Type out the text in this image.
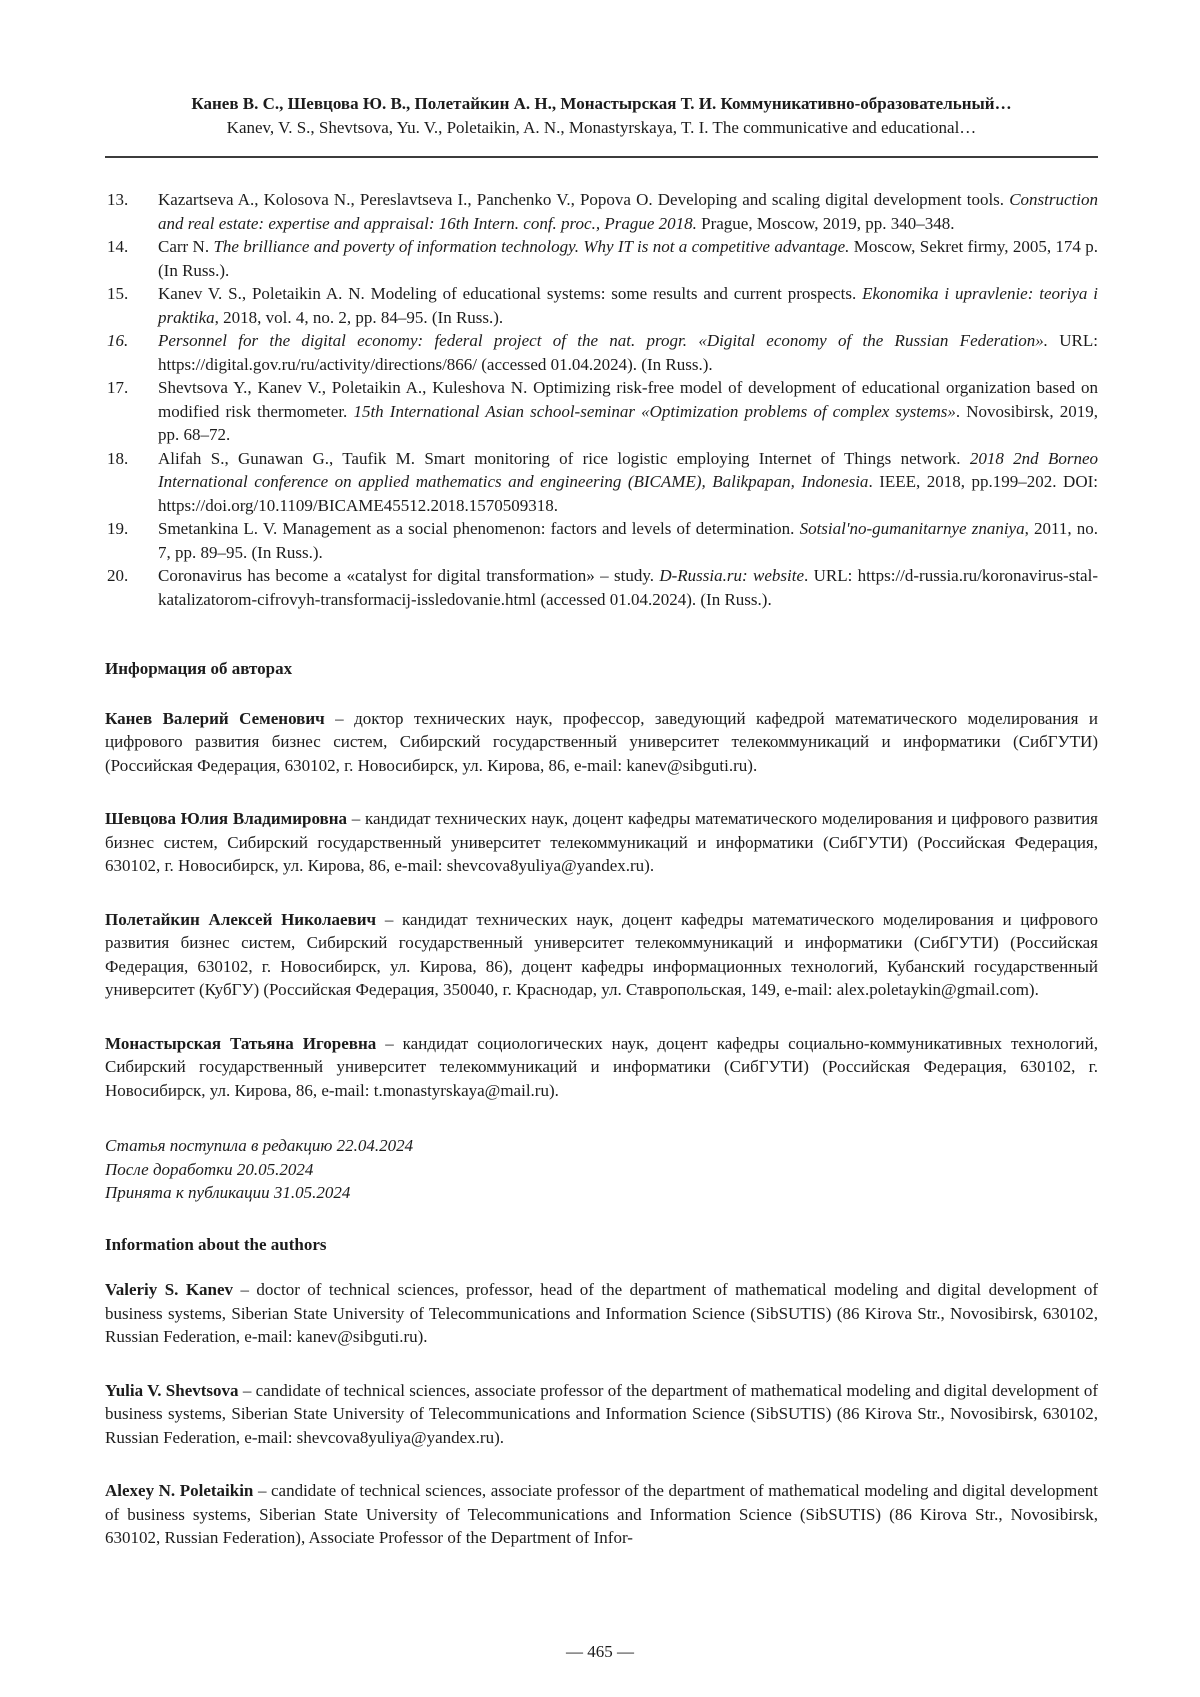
Канев В. С., Шевцова Ю. В., Полетайкин А. Н., Монастырская Т. И. Коммуникативно-образовательный…
Kanev, V. S., Shevtsova, Yu. V., Poletaikin, A. N., Monastyrskaya, T. I. The communicative and educational…
13. Kazartseva A., Kolosova N., Pereslavtseva I., Panchenko V., Popova O. Developing and scaling digital development tools. Construction and real estate: expertise and appraisal: 16th Intern. conf. proc., Prague 2018. Prague, Moscow, 2019, pp. 340–348.
14. Carr N. The brilliance and poverty of information technology. Why IT is not a competitive advantage. Moscow, Sekret firmy, 2005, 174 p. (In Russ.).
15. Kanev V. S., Poletaikin A. N. Modeling of educational systems: some results and current prospects. Ekonomika i upravlenie: teoriya i praktika, 2018, vol. 4, no. 2, pp. 84–95. (In Russ.).
16. Personnel for the digital economy: federal project of the nat. progr. «Digital economy of the Russian Federation». URL: https://digital.gov.ru/ru/activity/directions/866/ (accessed 01.04.2024). (In Russ.).
17. Shevtsova Y., Kanev V., Poletaikin A., Kuleshova N. Optimizing risk-free model of development of educational organization based on modified risk thermometer. 15th International Asian school-seminar «Optimization problems of complex systems». Novosibirsk, 2019, pp. 68–72.
18. Alifah S., Gunawan G., Taufik M. Smart monitoring of rice logistic employing Internet of Things network. 2018 2nd Borneo International conference on applied mathematics and engineering (BICAME), Balikpapan, Indonesia. IEEE, 2018, pp.199–202. DOI: https://doi.org/10.1109/BICAME45512.2018.1570509318.
19. Smetankina L. V. Management as a social phenomenon: factors and levels of determination. Sotsial'no-gumanitarnye znaniya, 2011, no. 7, pp. 89–95. (In Russ.).
20. Coronavirus has become a «catalyst for digital transformation» – study. D-Russia.ru: website. URL: https://d-russia.ru/koronavirus-stal-katalizatorom-cifrovyh-transformacij-issledovanie.html (accessed 01.04.2024). (In Russ.).
Информация об авторах

Канев Валерий Семенович – доктор технических наук, профессор, заведующий кафедрой математического моделирования и цифрового развития бизнес систем, Сибирский государственный университет телекоммуникаций и информатики (СибГУТИ) (Российская Федерация, 630102, г. Новосибирск, ул. Кирова, 86, e-mail: kanev@sibguti.ru).

Шевцова Юлия Владимировна – кандидат технических наук, доцент кафедры математического моделирования и цифрового развития бизнес систем, Сибирский государственный университет телекоммуникаций и информатики (СибГУТИ) (Российская Федерация, 630102, г. Новосибирск, ул. Кирова, 86, e-mail: shevcova8yuliya@yandex.ru).

Полетайкин Алексей Николаевич – кандидат технических наук, доцент кафедры математического моделирования и цифрового развития бизнес систем, Сибирский государственный университет телекоммуникаций и информатики (СибГУТИ) (Российская Федерация, 630102, г. Новосибирск, ул. Кирова, 86), доцент кафедры информационных технологий, Кубанский государственный университет (КубГУ) (Российская Федерация, 350040, г. Краснодар, ул. Ставропольская, 149, e-mail: alex.poletaykin@gmail.com).

Монастырская Татьяна Игоревна – кандидат социологических наук, доцент кафедры социально-коммуникативных технологий, Сибирский государственный университет телекоммуникаций и информатики (СибГУТИ) (Российская Федерация, 630102, г. Новосибирск, ул. Кирова, 86, e-mail: t.monastyrskaya@mail.ru).

Статья поступила в редакцию 22.04.2024
После доработки 20.05.2024
Принята к публикации 31.05.2024
Information about the authors

Valeriy S. Kanev – doctor of technical sciences, professor, head of the department of mathematical modeling and digital development of business systems, Siberian State University of Telecommunications and Information Science (SibSUTIS) (86 Kirova Str., Novosibirsk, 630102, Russian Federation, e-mail: kanev@sibguti.ru).

Yulia V. Shevtsova – candidate of technical sciences, associate professor of the department of mathematical modeling and digital development of business systems, Siberian State University of Telecommunications and Information Science (SibSUTIS) (86 Kirova Str., Novosibirsk, 630102, Russian Federation, e-mail: shevcova8yuliya@yandex.ru).

Alexey N. Poletaikin – candidate of technical sciences, associate professor of the department of mathematical modeling and digital development of business systems, Siberian State University of Telecommunications and Information Science (SibSUTIS) (86 Kirova Str., Novosibirsk, 630102, Russian Federation), Associate Professor of the Department of Infor-

— 465 —
